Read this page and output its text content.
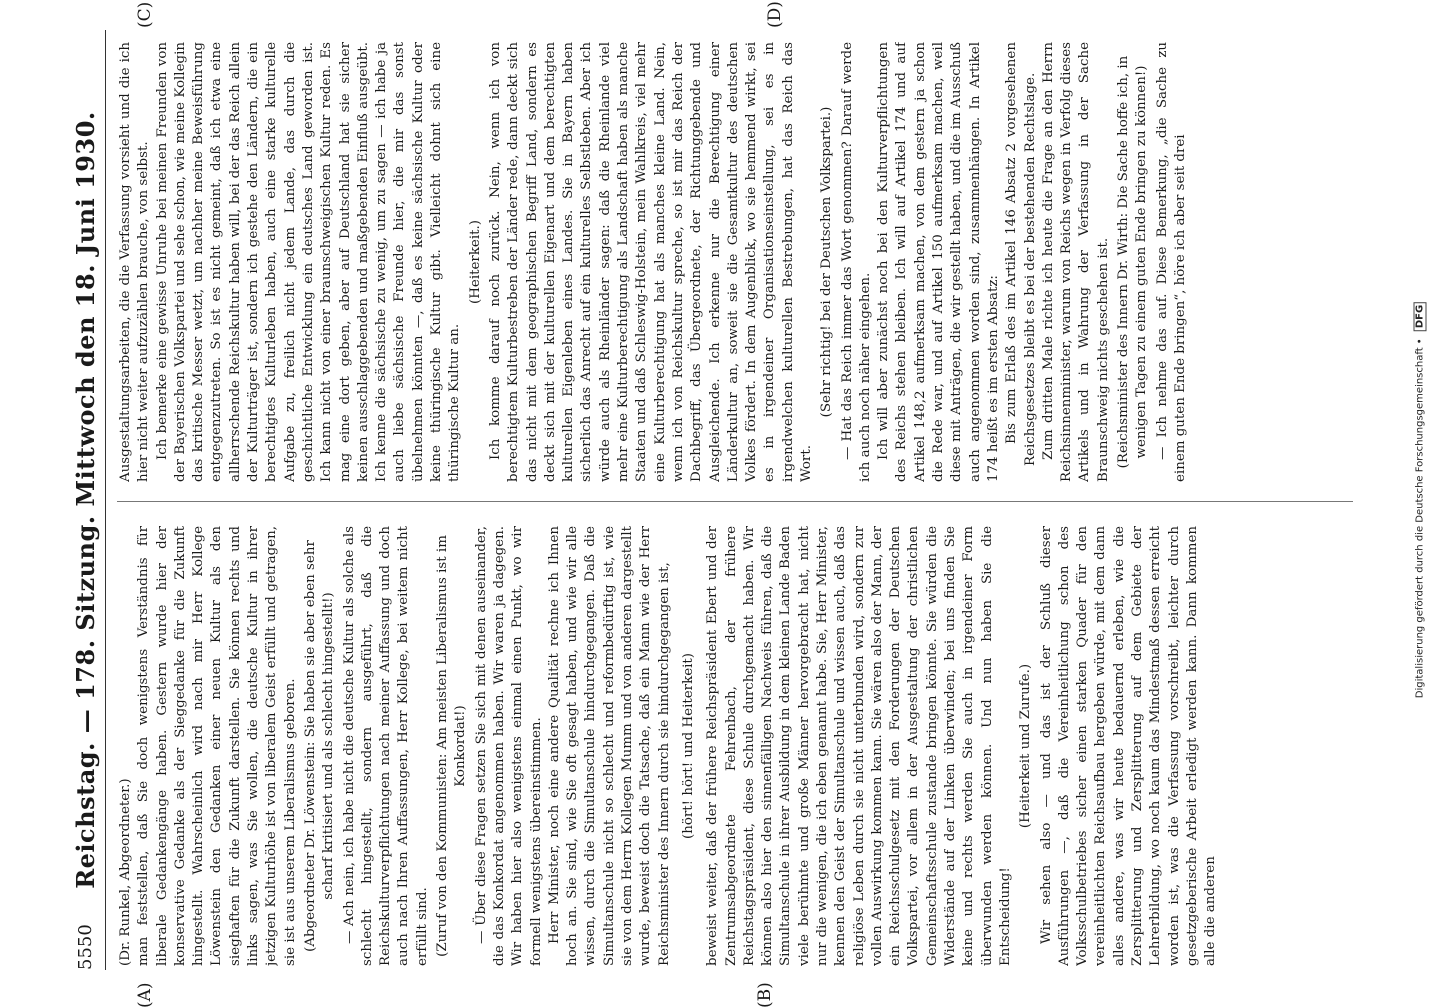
5550
Reichstag. — 178. Sitzung. Mittwoch den 18. Juni 1930. (Dr. Runkel, Abgeordneter.) man feststellen, daß Sie doch wenigstens Verständnis für liberale Gedankengänge haben. Gestern wurde hier der konservative Gedanke als der Sieggedanke für die Zukunft hingestellt. Wahrscheinlich wird nach mir Herr Kollege Löwenstein den Gedanken einer neuen Kultur als den sieghaften für die Zukunft darstellen. Sie können rechts und links sagen, was Sie wollen, die deutsche Kultur in ihrer jetzigen Kulturhöhe ist von liberalem Geist erfüllt und getragen, sie ist aus unserem Liberalismus geboren. (Abgeordneter Dr. Löwenstein: Sie haben sie aber eben sehr scharf kritisiert und als schlecht hingestellt!) — Ach nein, ich habe nicht die deutsche Kultur als solche als schlecht hingestellt, sondern ausgeführt, daß die Reichskulturverpflichtungen nach meiner Auffassung und doch auch nach Ihren Auffassungen, Herr Kollege, bei weitem nicht erfüllt sind. (Zuruf von den Kommunisten: Am meisten Liberalismus ist im Konkordat!) — Über diese Fragen setzen Sie sich mit denen auseinander, die das Konkordat angenommen haben. Wir waren ja dagegen. Wir haben hier also wenigstens einmal einen Punkt, wo wir formell wenigstens übereinstimmen. Herr Minister, noch eine andere Qualität rechne ich Ihnen hoch an. Sie sind, wie Sie oft gesagt haben, und wie wir alle wissen, durch die Simultanschule hindurchgegangen. Daß die Simultanschule nicht so schlecht und reformbedürftig ist, wie sie von dem Herrn Kollegen Mumm und von anderen dargestellt wurde, beweist doch die Tatsache, daß ein Mann wie der Herr Reichsminister des Innern durch sie hindurchgegangen ist, (hört! hört! und Heiterkeit) beweist weiter, daß der frühere Reichspräsident Ebert und der Zentrumsabgeordnete Fehrenbach, der frühere Reichstagspräsident, diese Schule durchgemacht haben. Wir können also hier den sinnenfälligen Nachweis führen, daß die Simultanschule in ihrer Ausbildung in dem kleinen Lande Baden viele berühmte und große Männer hervorgebracht hat, nicht nur die wenigen, die ich eben genannt habe. Sie, Herr Minister, kennen den Geist der Simultanschule und wissen auch, daß das religiöse Leben durch sie nicht unterbunden wird, sondern zur vollen Auswirkung kommen kann. Sie wären also der Mann, der ein Reichsschulgesetz mit den Forderungen der Deutschen Volkspartei, vor allem in der Ausgestaltung der christlichen Gemeinschaftsschule zustande bringen könnte. Sie würden die Widerstände auf der Linken überwinden; bei uns finden Sie keine und rechts werden Sie auch in irgendeiner Form überwunden werden können. Und nun haben Sie die Entscheidung!

(Heiterkeit und Zurufe.) Wir sehen also — und das ist der Schluß dieser Ausführungen —, daß die Vereinheitlichung schon des Volksschulbetriebes sicher einen starken Quader für den vereinheitlichten Reichsaufbau hergeben würde, mit dem dann alles andere, was wir heute bedauernd erleben, wie die Zersplitterung und Zersplitterung auf dem Gebiete der Lehrerbildung, wo noch kaum das Mindestmaß dessen erreicht worden ist, was die Verfassung vorschreibt, leichter durch gesetzgeberische Arbeit erledigt werden kann. Dann kommen alle die anderen

Ausgestaltungsarbeiten, die die Verfassung vorsieht und die ich hier nicht weiter aufzuzählen brauche, von selbst. Ich bemerke eine gewisse Unruhe bei meinen Freunden von der Bayerischen Volkspartei und sehe schon, wie meine Kollegin das kritische Messer wetzt, um nachher meine Beweisführung entgegenzutreten. So ist es nicht gemeint, daß ich etwa eine allherrschende Reichskultur haben will, bei der das Reich allein der Kulturträger ist, sondern ich gestehe den Ländern, die ein berechtigtes Kulturleben haben, auch eine starke kulturelle Aufgabe zu, freilich nicht jedem Lande, das durch die geschichtliche Entwicklung ein deutsches Land geworden ist. Ich kann nicht von einer braunschweigischen Kultur reden. Es mag eine dort geben, aber auf Deutschland hat sie sicher keinen ausschlaggebenden und maßgebenden Einfluß ausgeübt. Ich kenne die sächsische zu wenig, um zu sagen — ich habe ja auch liebe sächsische Freunde hier, die mir das sonst übelnehmen könnten —, daß es keine sächsische Kultur oder keine thüringische Kultur gibt. Vielleicht dohnt sich eine thüringische Kultur an.

(Heiterkeit.) Ich komme darauf noch zurück. Nein, wenn ich von berechtigtem Kulturbestreben der Länder rede, dann deckt sich das nicht mit dem geographischen Begriff Land, sondern es deckt sich mit der kulturellen Eigenart und dem berechtigten kulturellen Eigenleben eines Landes. Sie in Bayern haben sicherlich das Anrecht auf ein kulturelles Selbstleben. Aber ich würde auch als Rheinländer sagen: daß die Rheinlande viel mehr eine Kulturberechtigung als Landschaft haben als manche Staaten und daß Schleswig-Holstein, mein Wahlkreis, viel mehr eine Kulturberechtigung hat als manches kleine Land. Nein, wenn ich von Reichskultur spreche, so ist mir das Reich der Dachbegriff, das Übergeordnete, der Richtunggebende und Ausgleichende. Ich erkenne nur die Berechtigung einer Länderkultur an, soweit sie die Gesamtkultur des deutschen Volkes fördert. In dem Augenblick, wo sie hemmend wirkt, sei es in irgendeiner Organisationseinstellung, sei es in irgendwelchen kulturellen Bestrebungen, hat das Reich das Wort.

(Sehr richtig! bei der Deutschen Volkspartei.) — Hat das Reich immer das Wort genommen? Darauf werde ich auch noch näher eingehen. Ich will aber zunächst noch bei den Kulturverpflichtungen des Reichs stehen bleiben. Ich will auf Artikel 174 und auf Artikel 148,2 aufmerksam machen, von dem gestern ja schon die Rede war, und auf Artikel 150 aufmerksam machen, weil diese mit Anträgen, die wir gestellt haben, und die im Ausschuß auch angenommen worden sind, zusammenhängen. In Artikel 174 heißt es im ersten Absatz: Bis zum Erlaß des im Artikel 146 Absatz 2 vorgesehenen Reichsgesetzes bleibt es bei der bestehenden Rechtslage. Zum dritten Male richte ich heute die Frage an den Herrn Reichsinnenminister, warum von Reichs wegen in Verfolg dieses Artikels und in Wahrung der Verfassung in der Sache Braunschweig nichts geschehen ist. (Reichsminister des Innern Dr. Wirth: Die Sache hoffe ich, in wenigen Tagen zu einem guten Ende bringen zu können!) — Ich nehme das auf. Diese Bemerkung, „die Sache zu einem guten Ende bringen“, höre ich aber seit drei

(A)	(B)
(C)	(D)
Digitalisierung gefördert durch die Deutsche Forschungsgemeinschaft • DFG
